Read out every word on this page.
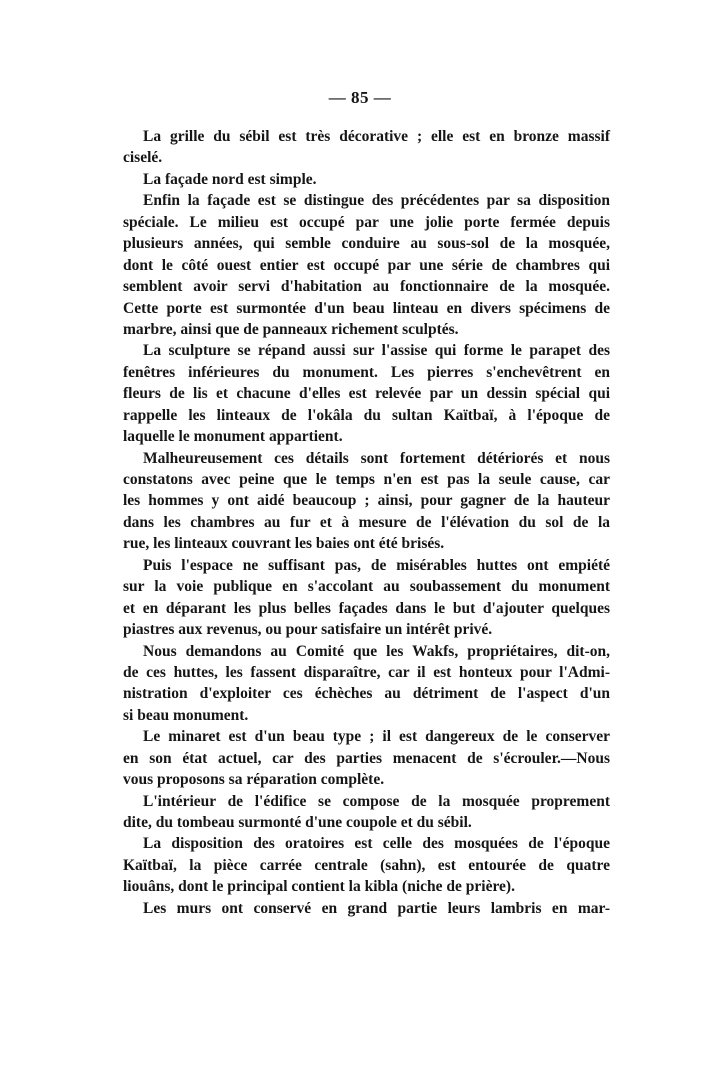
— 85 —
La grille du sébil est très décorative ; elle est en bronze massif
ciselé.
La façade nord est simple.
Enfin la façade est se distingue des précédentes par sa disposition
spéciale. Le milieu est occupé par une jolie porte fermée depuis
plusieurs années, qui semble conduire au sous-sol de la mosquée,
dont le côté ouest entier est occupé par une série de chambres qui
semblent avoir servi d'habitation au fonctionnaire de la mosquée.
Cette porte est surmontée d'un beau linteau en divers spécimens de
marbre, ainsi que de panneaux richement sculptés.
La sculpture se répand aussi sur l'assise qui forme le parapet des
fenêtres inférieures du monument. Les pierres s'enchevêtrent en
fleurs de lis et chacune d'elles est relevée par un dessin spécial qui
rappelle les linteaux de l'okâla du sultan Kaïtbaï, à l'époque de
laquelle le monument appartient.
Malheureusement ces détails sont fortement détériorés et nous
constatons avec peine que le temps n'en est pas la seule cause, car
les hommes y ont aidé beaucoup ; ainsi, pour gagner de la hauteur
dans les chambres au fur et à mesure de l'élévation du sol de la
rue, les linteaux couvrant les baies ont été brisés.
Puis l'espace ne suffisant pas, de misérables huttes ont empiété
sur la voie publique en s'accolant au soubassement du monument
et en déparant les plus belles façades dans le but d'ajouter quelques
piastres aux revenus, ou pour satisfaire un intérêt privé.
Nous demandons au Comité que les Wakfs, propriétaires, dit-on,
de ces huttes, les fassent disparaître, car il est honteux pour l'Admi-
nistration d'exploiter ces échèches au détriment de l'aspect d'un
si beau monument.
Le minaret est d'un beau type ; il est dangereux de le conserver
en son état actuel, car des parties menacent de s'écrouler.—Nous
vous proposons sa réparation complète.
L'intérieur de l'édifice se compose de la mosquée proprement
dite, du tombeau surmonté d'une coupole et du sébil.
La disposition des oratoires est celle des mosquées de l'époque
Kaïtbaï, la pièce carrée centrale (sahn), est entourée de quatre
liouâns, dont le principal contient la kibla (niche de prière).
Les murs ont conservé en grand partie leurs lambris en mar-
